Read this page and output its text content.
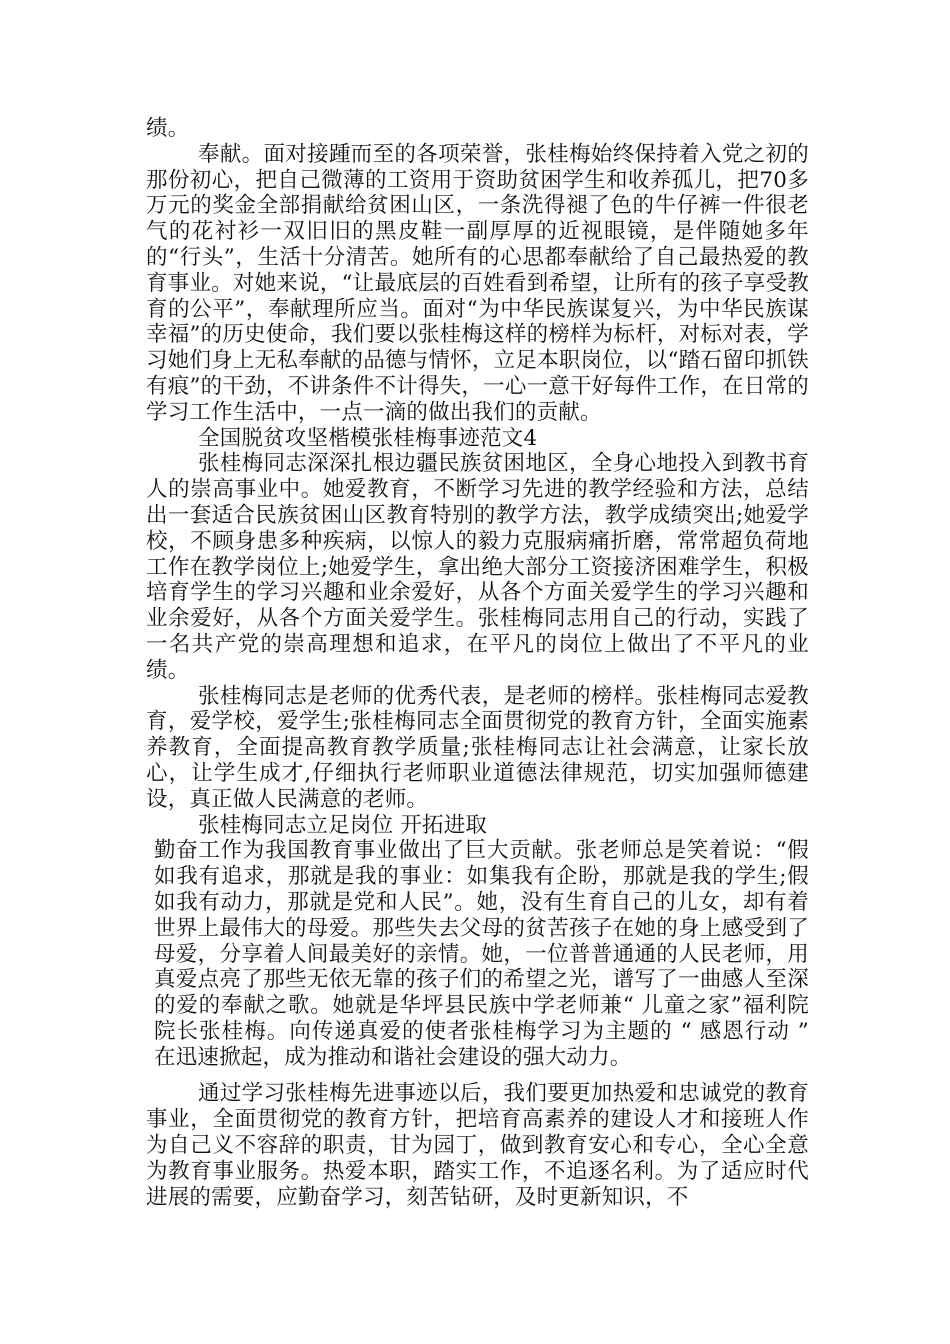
绩。

奉献。面对接踵而至的各项荣誉，张桂梅始终保持着入党之初的那份初心，把自己微薄的工资用于资助贫困学生和收养孤儿，把70多万元的奖金全部捐献给贫困山区，一条洗得褪了色的牛仔裤一件很老气的花衬衫一双旧旧的黑皮鞋一副厚厚的近视眼镜，是伴随她多年的“行头”，生活十分清苦。她所有的心思都奉献给了自己最热爱的教育事业。对她来说，“让最底层的百姓看到希望，让所有的孩子享受教育的公平”，奉献理所应当。面对“为中华民族谋复兴，为中华民族谋幸福”的历史使命，我们要以张桂梅这样的榜样为标杆，对标对表，学习她们身上无私奉献的品德与情怀，立足本职岗位，以“踏石留印抓铁有痕”的干劲，不讲条件不计得失，一心一意干好每件工作，在日常的学习工作生活中，一点一滴的做出我们的贡献。

全国脱贫攻坚楷模张桂梅事迹范文4

张桂梅同志深深扎根边疆民族贫困地区，全身心地投入到教书育人的崇高事业中。她爱教育，不断学习先进的教学经验和方法，总结出一套适合民族贫困山区教育特别的教学方法，教学成绩突出;她爱学校，不顾身患多种疾病，以惊人的毅力克服病痛折磨，常常超负荷地工作在教学岗位上;她爱学生，拿出绝大部分工资接济困难学生，积极培育学生的学习兴趣和业余爱好，从各个方面关爱学生的学习兴趣和业余爱好，从各个方面关爱学生。张桂梅同志用自己的行动，实践了一名共产党的崇高理想和追求，在平凡的岗位上做出了不平凡的业绩。

张桂梅同志是老师的优秀代表，是老师的榜样。张桂梅同志爱教育，爱学校，爱学生;张桂梅同志全面贯彻党的教育方针，全面实施素养教育，全面提高教育教学质量;张桂梅同志让社会满意，让家长放心，让学生成才,仔细执行老师职业道德法律规范，切实加强师德建设，真正做人民满意的老师。

张桂梅同志立足岗位 开拓进取

勤奋工作为我国教育事业做出了巨大贡献。张老师总是笑着说：“假如我有追求，那就是我的事业：如集我有企盼，那就是我的学生;假如我有动力，那就是党和人民”。她，没有生育自己的儿女，却有着世界上最伟大的母爱。那些失去父母的贫苦孩子在她的身上感受到了母爱，分享着人间最美好的亲情。她，一位普普通通的人民老师，用真爱点亮了那些无依无靠的孩子们的希望之光，谱写了一曲感人至深的爱的奉献之歌。她就是华坪县民族中学老师兼“ 儿童之家”福利院院长张桂梅。向传递真爱的使者张桂梅学习为主题的 “ 感恩行动 ” 在迅速掀起，成为推动和谐社会建设的强大动力。

通过学习张桂梅先进事迹以后，我们要更加热爱和忠诚党的教育事业，全面贯彻党的教育方针，把培育高素养的建设人才和接班人作为自己义不容辞的职责，甘为园丁，做到教育安心和专心，全心全意为教育事业服务。热爱本职，踏实工作，不追逐名利。为了适应时代进展的需要，应勤奋学习，刻苦钻研，及时更新知识，不
